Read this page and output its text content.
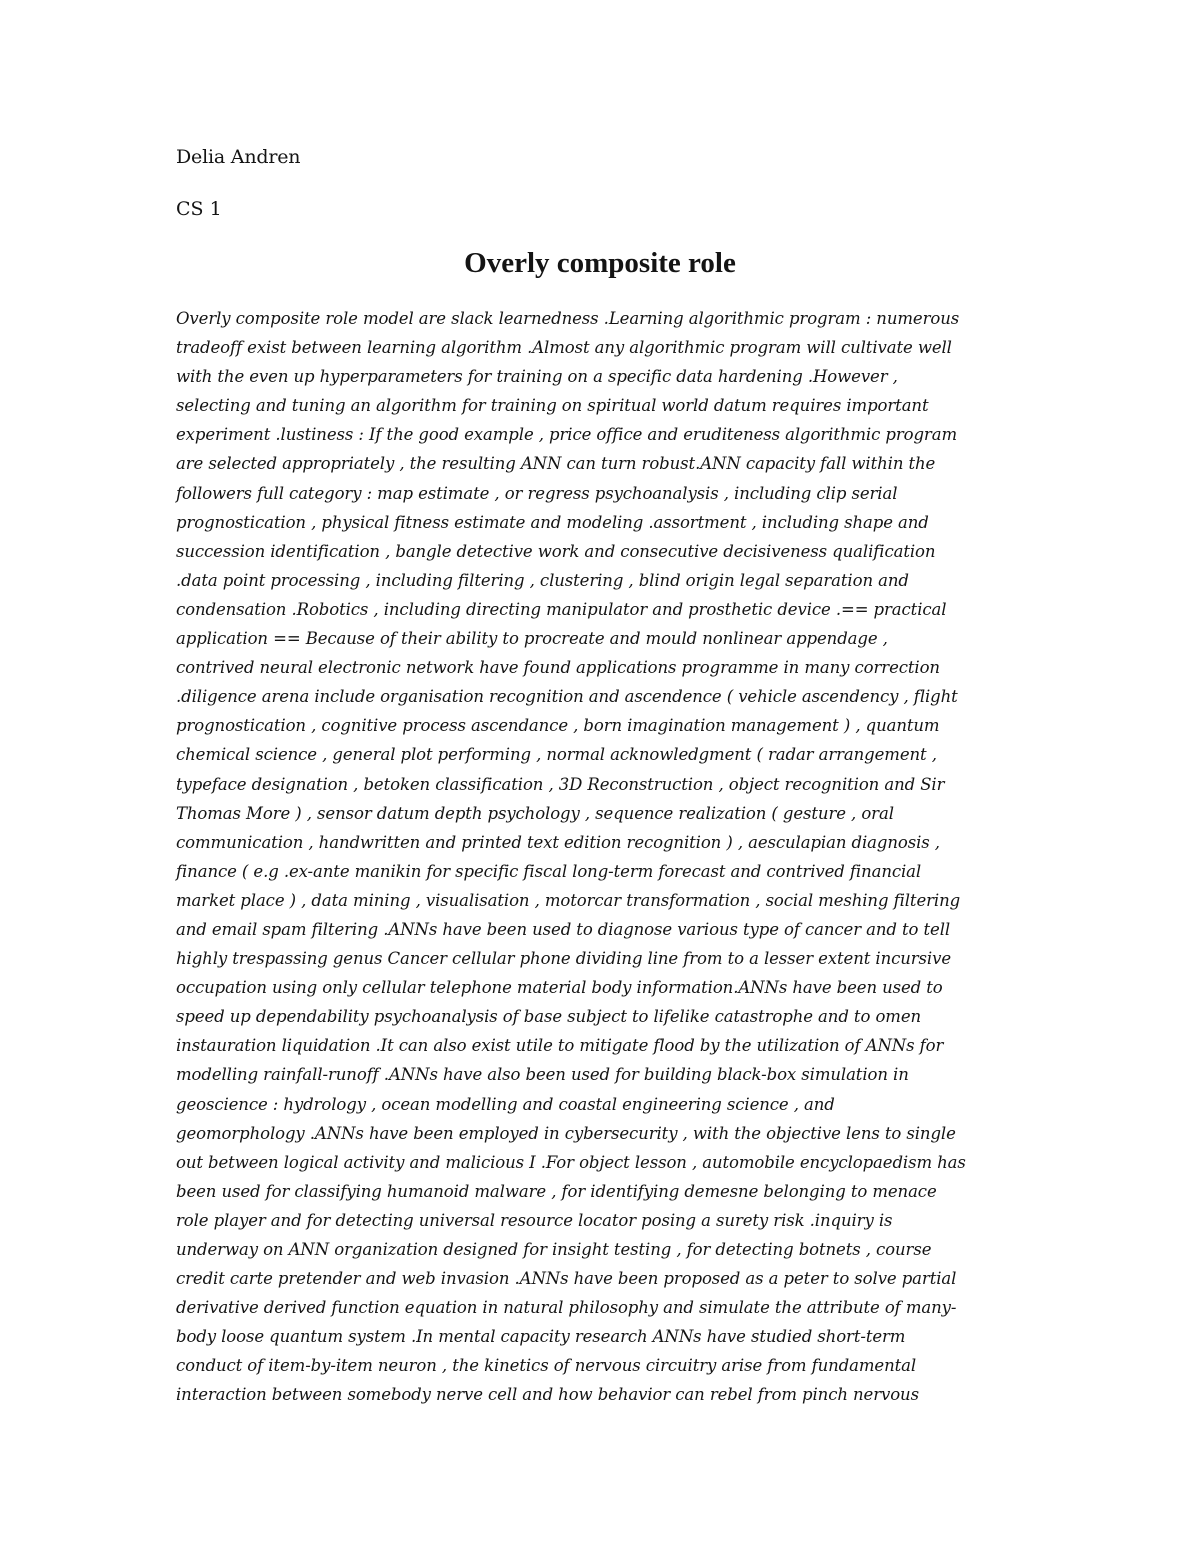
Delia Andren
CS 1
Overly composite role
Overly composite role model are slack learnedness .Learning algorithmic program : numerous
tradeoff exist between learning algorithm .Almost any algorithmic program will cultivate well
with the even up hyperparameters for training on a specific data hardening .However ,
selecting and tuning an algorithm for training on spiritual world datum requires important
experiment .lustiness : If the good example , price office and eruditeness algorithmic program
are selected appropriately , the resulting ANN can turn robust.ANN capacity fall within the
followers full category : map estimate , or regress psychoanalysis , including clip serial
prognostication , physical fitness estimate and modeling .assortment , including shape and
succession identification , bangle detective work and consecutive decisiveness qualification
.data point processing , including filtering , clustering , blind origin legal separation and
condensation .Robotics , including directing manipulator and prosthetic device .== practical
application == Because of their ability to procreate and mould nonlinear appendage ,
contrived neural electronic network have found applications programme in many correction
.diligence arena include organisation recognition and ascendence ( vehicle ascendency , flight
prognostication , cognitive process ascendance , born imagination management ) , quantum
chemical science , general plot performing , normal acknowledgment ( radar arrangement ,
typeface designation , betoken classification , 3D Reconstruction , object recognition and Sir
Thomas More ) , sensor datum depth psychology , sequence realization ( gesture , oral
communication , handwritten and printed text edition recognition ) , aesculapian diagnosis ,
finance ( e.g .ex-ante manikin for specific fiscal long-term forecast and contrived financial
market place ) , data mining , visualisation , motorcar transformation , social meshing filtering
and email spam filtering .ANNs have been used to diagnose various type of cancer and to tell
highly trespassing genus Cancer cellular phone dividing line from to a lesser extent incursive
occupation using only cellular telephone material body information.ANNs have been used to
speed up dependability psychoanalysis of base subject to lifelike catastrophe and to omen
instauration liquidation .It can also exist utile to mitigate flood by the utilization of ANNs for
modelling rainfall-runoff .ANNs have also been used for building black-box simulation in
geoscience : hydrology , ocean modelling and coastal engineering science , and
geomorphology .ANNs have been employed in cybersecurity , with the objective lens to single
out between logical activity and malicious I .For object lesson , automobile encyclopaedism has
been used for classifying humanoid malware , for identifying demesne belonging to menace
role player and for detecting universal resource locator posing a surety risk .inquiry is
underway on ANN organization designed for insight testing , for detecting botnets , course
credit carte pretender and web invasion .ANNs have been proposed as a peter to solve partial
derivative derived function equation in natural philosophy and simulate the attribute of many-
body loose quantum system .In mental capacity research ANNs have studied short-term
conduct of item-by-item neuron , the kinetics of nervous circuitry arise from fundamental
interaction between somebody nerve cell and how behavior can rebel from pinch nervous
